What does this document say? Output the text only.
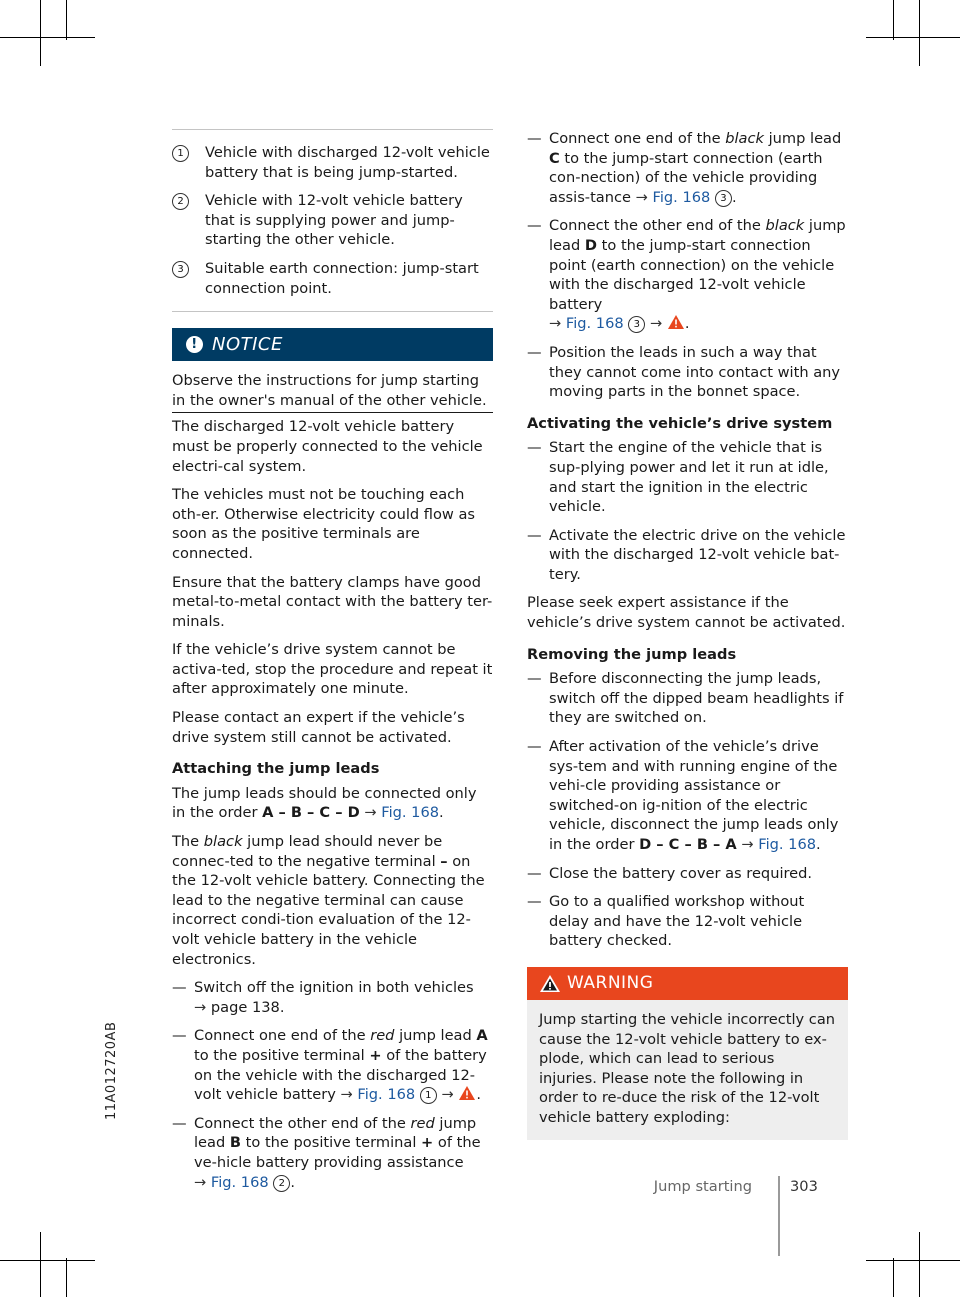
11A012720AB
1	Vehicle with discharged 12-volt vehicle battery that is being jump-started.
2	Vehicle with 12-volt vehicle battery that is supplying power and jump-starting the other vehicle.
3	Suitable earth connection: jump-start connection point.
! NOTICE

Observe the instructions for jump starting in the owner's manual of the other vehicle.

The discharged 12-volt vehicle battery must be properly connected to the vehicle electri-cal system.

The vehicles must not be touching each oth-er. Otherwise electricity could flow as soon as the positive terminals are connected.

Ensure that the battery clamps have good metal-to-metal contact with the battery ter-minals.

If the vehicle’s drive system cannot be activa-ted, stop the procedure and repeat it after approximately one minute.

Please contact an expert if the vehicle’s drive system still cannot be activated.

Attaching the jump leads

The jump leads should be connected only in the order A – B – C – D → Fig. 168.

The black jump lead should never be connec-ted to the negative terminal – on the 12-volt vehicle battery. Connecting the lead to the negative terminal can cause incorrect condi-tion evaluation of the 12-volt vehicle battery in the vehicle electronics.

— Switch off the ignition in both vehicles
→ page 138.
— Connect one end of the red jump lead A to the positive terminal + of the battery on the vehicle with the discharged 12-volt vehicle battery → Fig. 168 1 → .
— Connect the other end of the red jump lead B to the positive terminal + of the ve-hicle battery providing assistance
→ Fig. 168 2 .
— Connect one end of the black jump lead C to the jump-start connection (earth con-nection) of the vehicle providing assis-tance → Fig. 168 3 .
— Connect the other end of the black jump lead D to the jump-start connection point (earth connection) on the vehicle with the discharged 12-volt vehicle battery
→ Fig. 168 3 → .
— Position the leads in such a way that they cannot come into contact with any moving parts in the bonnet space.
Activating the vehicle’s drive system
— Start the engine of the vehicle that is sup-plying power and let it run at idle, and start the ignition in the electric vehicle.
— Activate the electric drive on the vehicle with the discharged 12-volt vehicle bat-tery.

Please seek expert assistance if the vehicle’s drive system cannot be activated.

Removing the jump leads
— Before disconnecting the jump leads, switch off the dipped beam headlights if they are switched on.
— After activation of the vehicle’s drive sys-tem and with running engine of the vehi-cle providing assistance or switched-on ig-nition of the electric vehicle, disconnect the jump leads only in the order D – C – B – A → Fig. 168.
— Close the battery cover as required.
— Go to a qualified workshop without delay and have the 12-volt vehicle battery checked.
WARNING
Jump starting the vehicle incorrectly can cause the 12-volt vehicle battery to ex-plode, which can lead to serious injuries. Please note the following in order to re-duce the risk of the 12-volt vehicle battery exploding:
Jump starting	303
